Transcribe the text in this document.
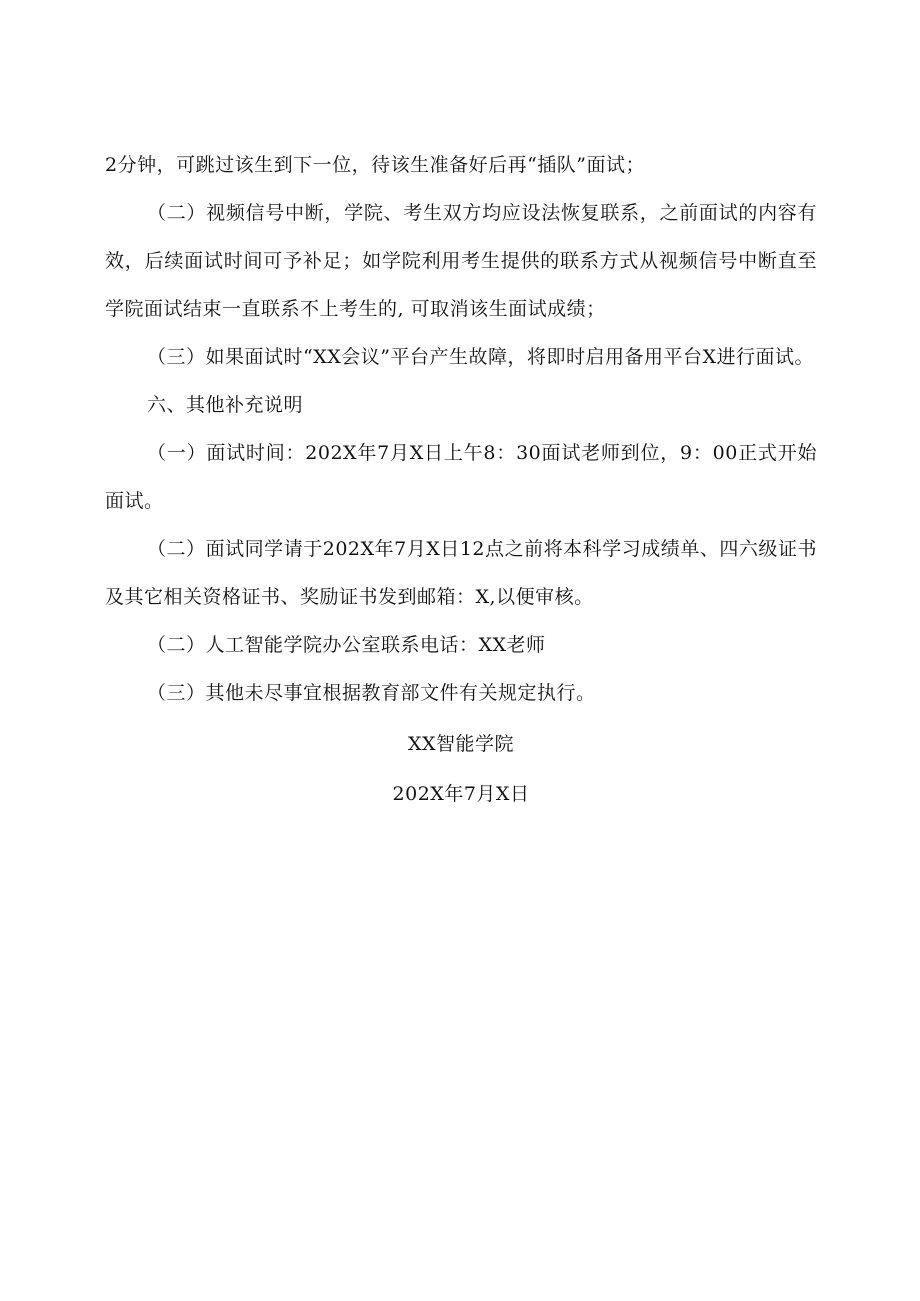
2分钟，可跳过该生到下一位，待该生准备好后再“插队”面试；

（二）视频信号中断，学院、考生双方均应设法恢复联系，之前面试的内容有效，后续面试时间可予补足；如学院利用考生提供的联系方式从视频信号中断直至学院面试结束一直联系不上考生的, 可取消该生面试成绩；

（三）如果面试时“XX会议”平台产生故障，将即时启用备用平台X进行面试。

六、其他补充说明

（一）面试时间：202X年7月X日上午8：30面试老师到位，9：00正式开始面试。

（二）面试同学请于202X年7月X日12点之前将本科学习成绩单、四六级证书及其它相关资格证书、奖励证书发到邮箱：X,以便审核。

（二）人工智能学院办公室联系电话：XX老师

（三）其他未尽事宜根据教育部文件有关规定执行。

XX智能学院

202X年7月X日
